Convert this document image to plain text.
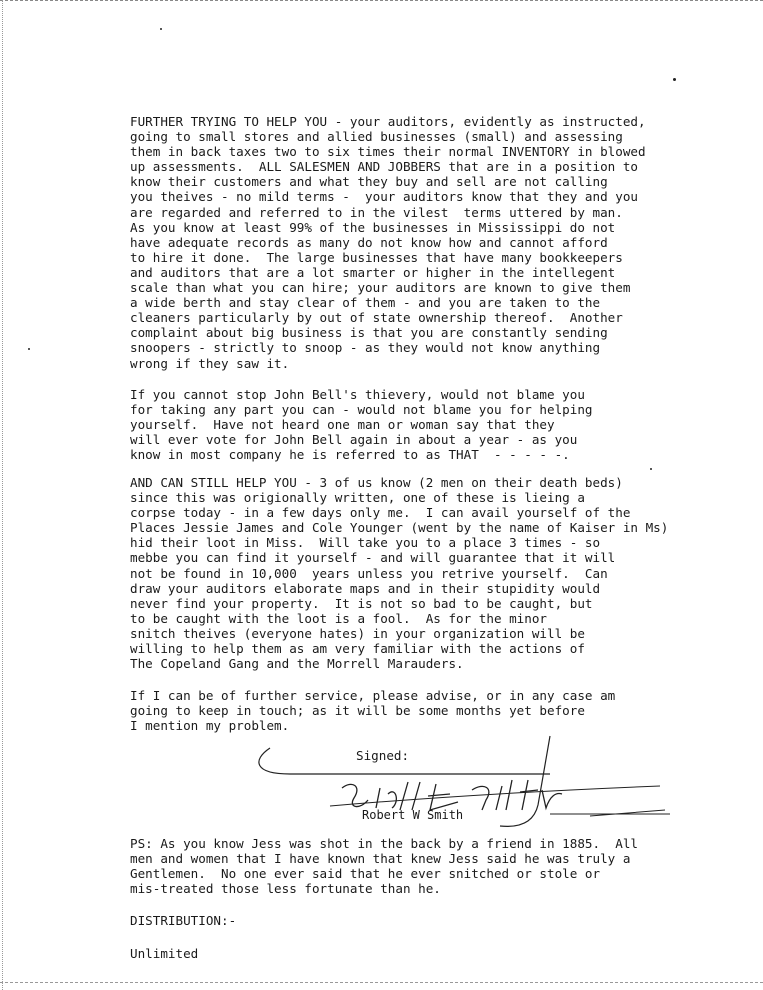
FURTHER TRYING TO HELP YOU - your auditors, evidently as instructed,

going to small stores and allied businesses (small) and assessing

them in back taxes two to six times their normal INVENTORY in blowed

up assessments.  ALL SALESMEN AND JOBBERS that are in a position to

know their customers and what they buy and sell are not calling

you theives - no mild terms -  your auditors know that they and you

are regarded and referred to in the vilest  terms uttered by man.

As you know at least 99% of the businesses in Mississippi do not

have adequate records as many do not know how and cannot afford

to hire it done.  The large businesses that have many bookkeepers

and auditors that are a lot smarter or higher in the intellegent

scale than what you can hire; your auditors are known to give them

a wide berth and stay clear of them - and you are taken to the

cleaners particularly by out of state ownership thereof.  Another

complaint about big business is that you are constantly sending

snoopers - strictly to snoop - as they would not know anything

wrong if they saw it.

If you cannot stop John Bell's thievery, would not blame you

for taking any part you can - would not blame you for helping

yourself.  Have not heard one man or woman say that they

will ever vote for John Bell again in about a year - as you

know in most company he is referred to as THAT  - - - - -.

AND CAN STILL HELP YOU - 3 of us know (2 men on their death beds)

since this was origionally written, one of these is lieing a

corpse today - in a few days only me.  I can avail yourself of the

Places Jessie James and Cole Younger (went by the name of Kaiser in Ms)

hid their loot in Miss.  Will take you to a place 3 times - so

mebbe you can find it yourself - and will guarantee that it will

not be found in 10,000  years unless you retrive yourself.  Can

draw your auditors elaborate maps and in their stupidity would

never find your property.  It is not so bad to be caught, but

to be caught with the loot is a fool.  As for the minor

snitch theives (everyone hates) in your organization will be

willing to help them as am very familiar with the actions of

The Copeland Gang and the Morrell Marauders.

If I can be of further service, please advise, or in any case am

going to keep in touch; as it will be some months yet before

I mention my problem.

Signed:
Robert W Smith

PS: As you know Jess was shot in the back by a friend in 1885.  All

men and women that I have known that knew Jess said he was truly a

Gentlemen.  No one ever said that he ever snitched or stole or

mis-treated those less fortunate than he.

DISTRIBUTION:-

Unlimited
